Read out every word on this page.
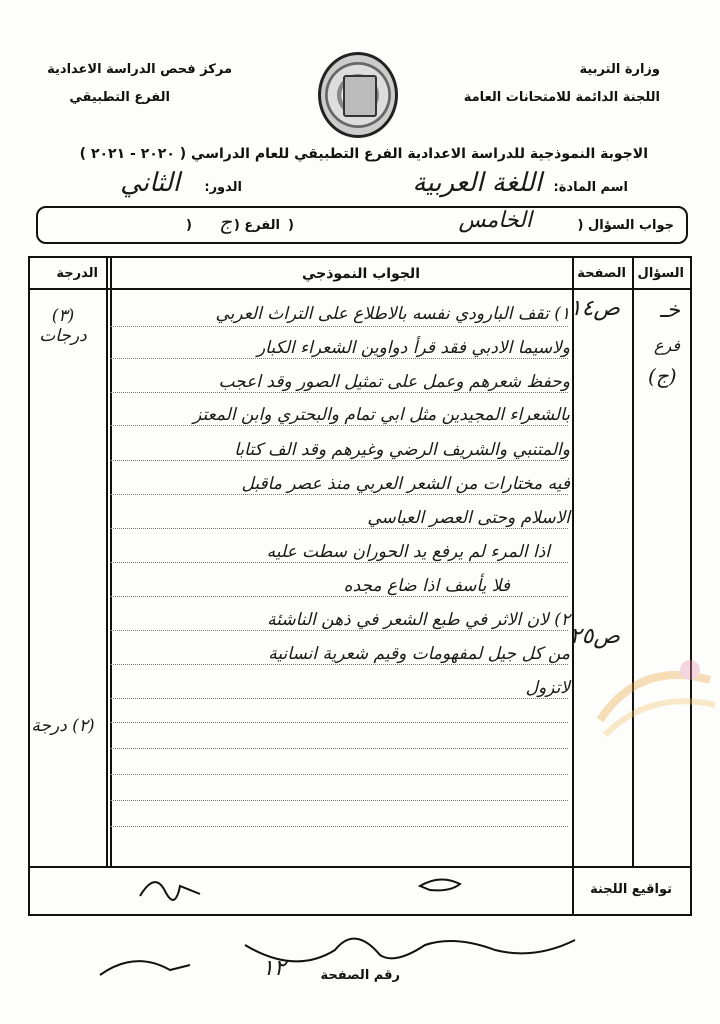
وزارة التربية
اللجنة الدائمة للامتحانات العامة
مركز فحص الدراسة الاعدادية
الفرع التطبيقي
الاجوبة النموذجية للدراسة الاعدادية الفرع التطبيقي للعام الدراسي ( ٢٠٢٠ - ٢٠٢١ )
اسم المادة:
اللغة العربية
الدور:
الثاني
جواب السؤال (
الخامس
)
الفرع (
ج
)
السؤال
الصفحة
الجواب النموذجي
الدرجة
خـ
فرع
(ج)
ص١٤
ص٢٥
(٣) درجات
(٢) درجة
١) تقف البارودي نفسه بالاطلاع على التراث العربي
ولاسيما الادبي فقد قرأ دواوين الشعراء الكبار
وحفظ شعرهم وعمل على تمثيل الصور وقد اعجب
بالشعراء المجيدين مثل ابي تمام والبحتري وابن المعتز
والمتنبي والشريف الرضي وغيرهم وقد الف كتابا
فيه مختارات من الشعر العربي منذ عصر ماقبل
الاسلام وحتى العصر العباسي
اذا المرء لم يرفع يد الحوران سطت عليه
فلا يأسف اذا ضاع مجده
٢) لان الاثر في طبع الشعر في ذهن الناشئة
من كل جيل لمفهومات وقيم شعرية انسانية
لاتزول
تواقيع اللجنة
رقم الصفحة
١٢
